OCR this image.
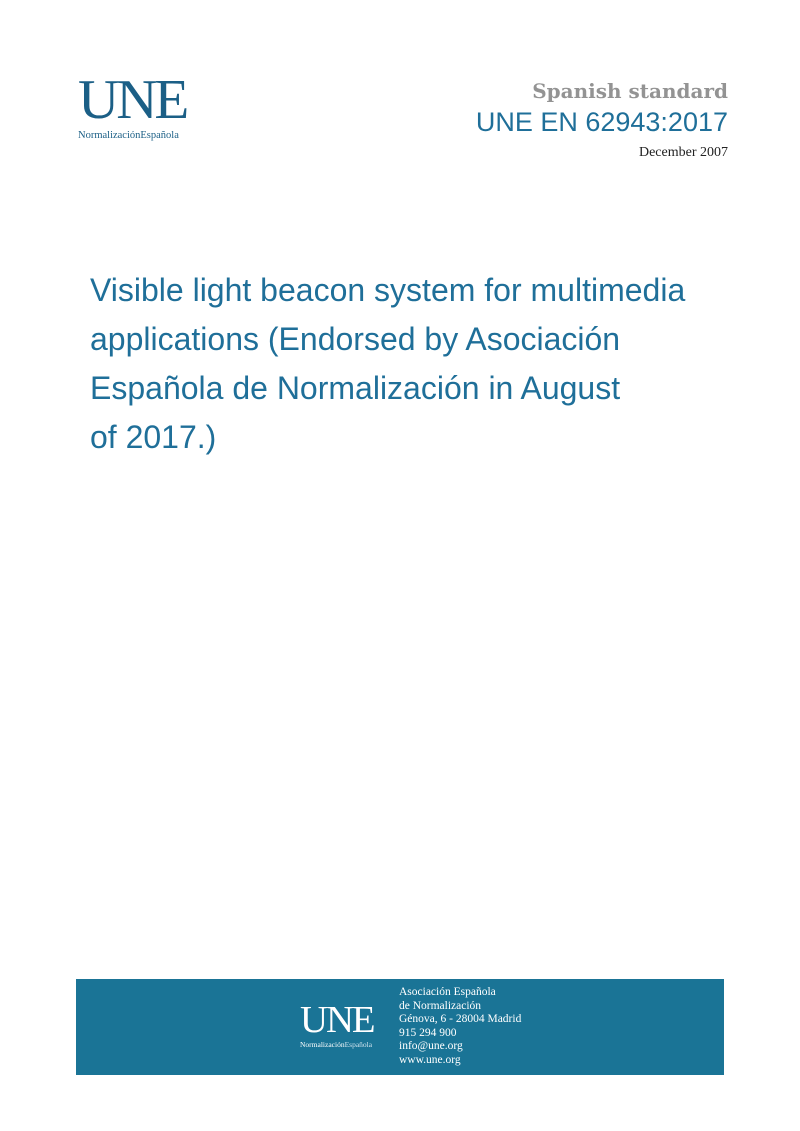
UNE
NormalizaciónEspañola
Spanish standard
UNE EN 62943:2017
December 2007
Visible light beacon system for multimedia
applications (Endorsed by Asociación
Española de Normalización in August
of 2017.)
UNE
NormalizaciónEspañola
Asociación Española
de Normalización
Génova, 6 - 28004 Madrid
915 294 900
info@une.org
www.une.org
